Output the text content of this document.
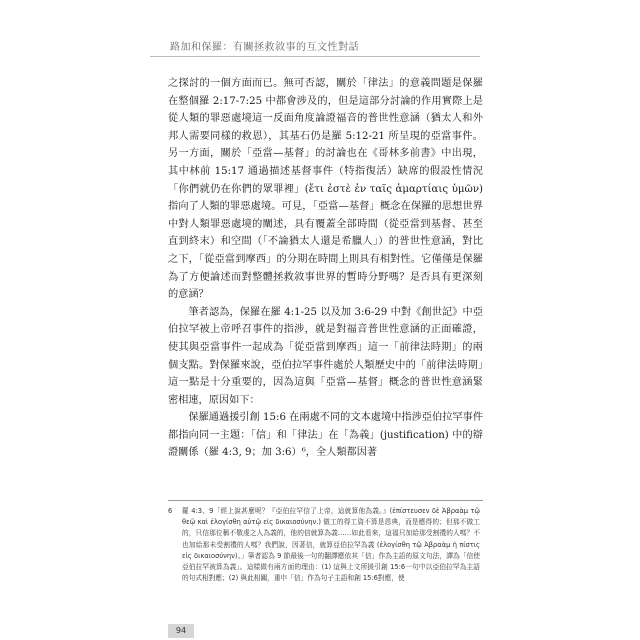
路加和保羅：有關拯救敘事的互文性對話

之探討的一個方面而已。無可否認，關於「律法」的意義問題是保羅在整個羅 2:17-7:25 中都會涉及的，但是這部分討論的作用實際上是從人類的罪惡處境這一反面角度論證福音的普世性意涵（猶太人和外邦人需要同樣的救恩），其基石仍是羅 5:12-21 所呈現的亞當事件。另一方面，關於「亞當—基督」的討論也在《哥林多前書》中出現，其中林前 15:17 通過描述基督事件（特指復活）缺席的假設性情況「你們就仍在你們的眾罪裡」(ἔτι ἐστὲ ἐν ταῖς ἁμαρτίαις ὑμῶν) 指向了人類的罪惡處境。可見，「亞當—基督」概念在保羅的思想世界中對人類罪惡處境的闡述，具有覆蓋全部時間（從亞當到基督、甚至直到終末）和空間（「不論猶太人還是希臘人」）的普世性意涵，對比之下，「從亞當到摩西」的分期在時間上則具有相對性。它僅僅是保羅為了方便論述而對整體拯救敘事世界的暫時分野嗎？是否具有更深刻的意涵？

筆者認為，保羅在羅 4:1-25 以及加 3:6-29 中對《創世記》中亞伯拉罕被上帝呼召事件的指涉，就是對福音普世性意涵的正面確證，使其與亞當事件一起成為「從亞當到摩西」這一「前律法時期」的兩個支點。對保羅來說，亞伯拉罕事件處於人類歷史中的「前律法時期」這一點是十分重要的，因為這與「亞當—基督」概念的普世性意涵緊密相連，原因如下：

保羅通過援引創 15:6 在兩處不同的文本處境中指涉亞伯拉罕事件都指向同一主題：「信」和「律法」在「為義」(justification) 中的辯證關係（羅 4:3, 9；加 3:6）⁶，全人類都因著

6 羅 4:3、9「經上說甚麼呢？『亞伯拉罕信了上帝，這就算他為義。』(ἐπίστευσεν δὲ Ἀβραὰμ τῷ θεῷ καὶ ἐλογίσθη αὐτῷ εἰς δικαιοσύνην.) 做工的得工資不算是恩典，而是應得的；但那不做工的，只信那位稱不敬虔之人為義的，他的信就算為義……如此看來，這福只加給那受割禮的人嗎？不也加給那未受割禮的人嗎？我們說，因著信，就算亞伯拉罕為義 (ἐλογίσθη τῷ Ἀβραὰμ ἡ πίστις εἰς δικαιοσύνην)。」筆者認為 9 節最後一句的翻譯應依其「信」作為主語的原文句法，譯為「信使亞伯拉罕被算為義」。這樣做有兩方面的理由：(1) 這與上文所援引創 15:6一句中以亞伯拉罕為主語的句式相對應；(2) 與此相關，重申「信」作為句子主語和創 15:6對應，使
94
